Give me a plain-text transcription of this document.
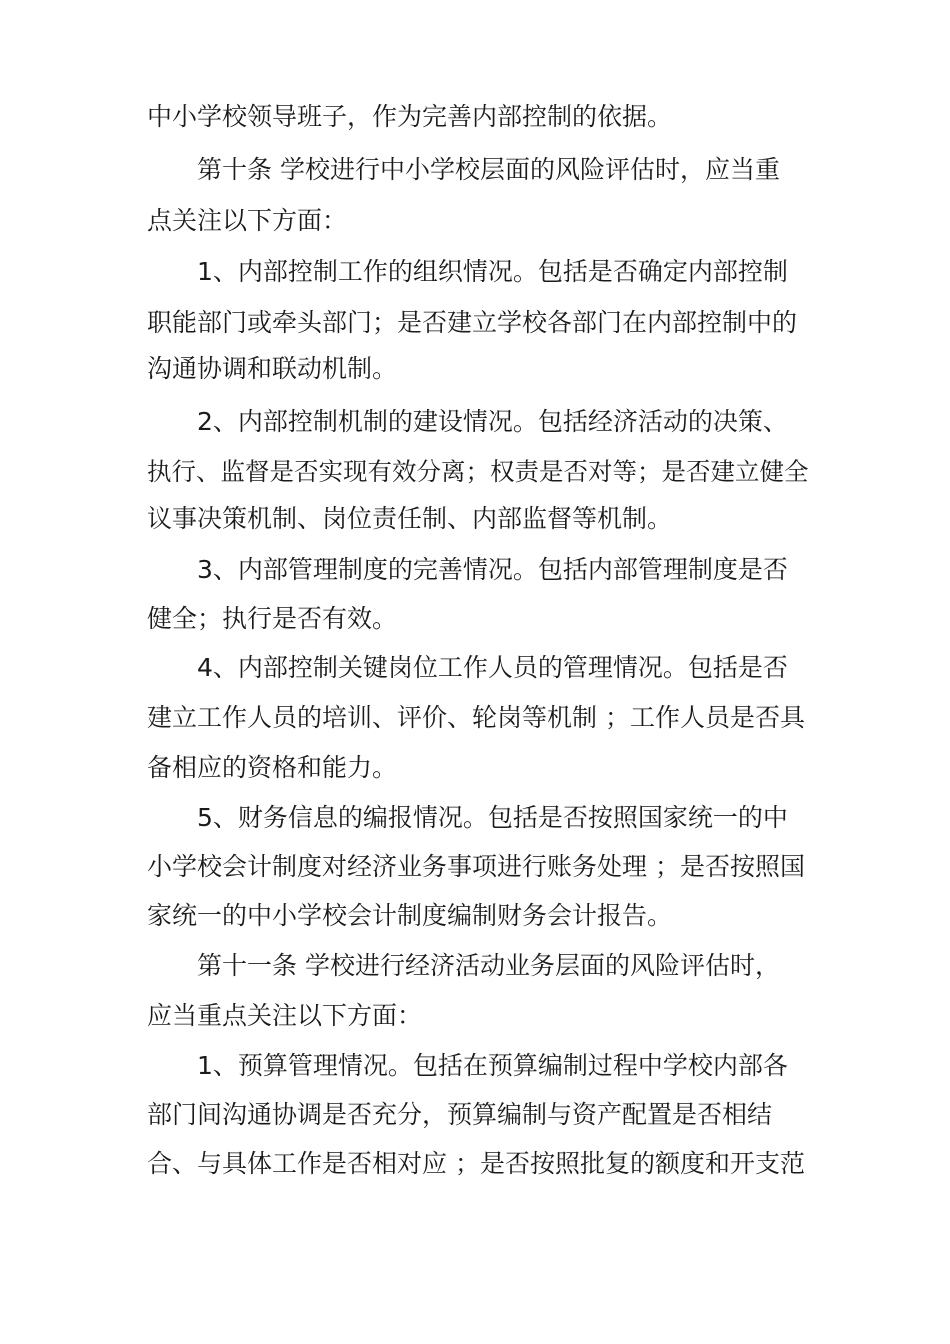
中小学校领导班子，作为完善内部控制的依据。

第十条 学校进行中小学校层面的风险评估时，应当重

点关注以下方面：

1、内部控制工作的组织情况。包括是否确定内部控制

职能部门或牵头部门；是否建立学校各部门在内部控制中的

沟通协调和联动机制。

2、内部控制机制的建设情况。包括经济活动的决策、

执行、监督是否实现有效分离；权责是否对等；是否建立健全

议事决策机制、岗位责任制、内部监督等机制。

3、内部管理制度的完善情况。包括内部管理制度是否

健全；执行是否有效。

4、内部控制关键岗位工作人员的管理情况。包括是否

建立工作人员的培训、评价、轮岗等机制 ；工作人员是否具

备相应的资格和能力。

5、财务信息的编报情况。包括是否按照国家统一的中

小学校会计制度对经济业务事项进行账务处理 ；是否按照国

家统一的中小学校会计制度编制财务会计报告。

第十一条 学校进行经济活动业务层面的风险评估时，

应当重点关注以下方面：

1、预算管理情况。包括在预算编制过程中学校内部各

部门间沟通协调是否充分，预算编制与资产配置是否相结

合、与具体工作是否相对应 ；是否按照批复的额度和开支范
